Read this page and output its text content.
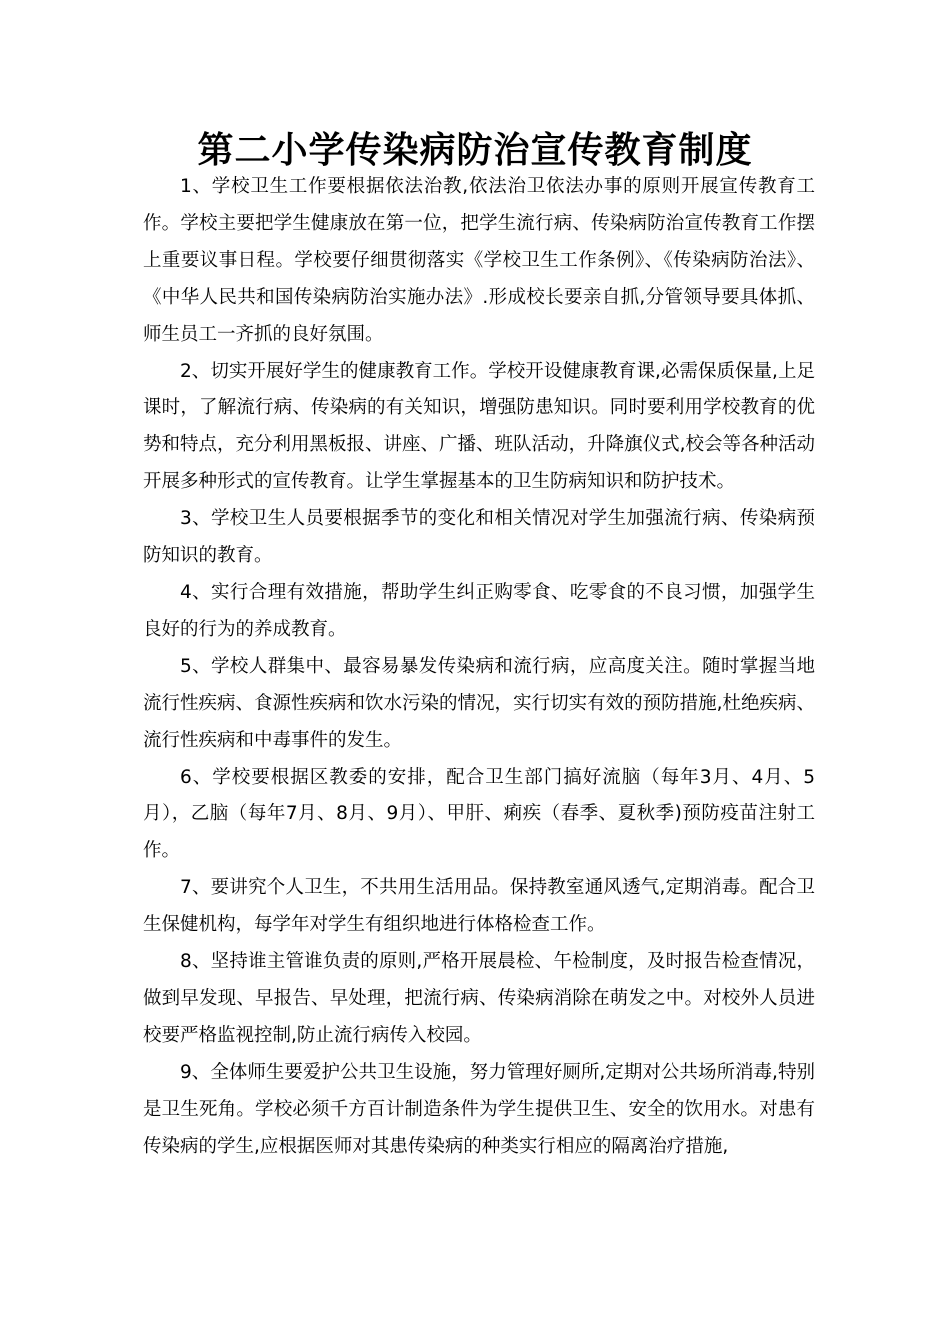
第二小学传染病防治宣传教育制度

1、学校卫生工作要根据依法治教,依法治卫依法办事的原则开展宣传教育工作。学校主要把学生健康放在第一位，把学生流行病、传染病防治宣传教育工作摆上重要议事日程。学校要仔细贯彻落实《学校卫生工作条例》、《传染病防治法》、《中华人民共和国传染病防治实施办法》.形成校长要亲自抓,分管领导要具体抓、师生员工一齐抓的良好氛围。

2、切实开展好学生的健康教育工作。学校开设健康教育课,必需保质保量,上足课时，了解流行病、传染病的有关知识，增强防患知识。同时要利用学校教育的优势和特点，充分利用黑板报、讲座、广播、班队活动，升降旗仪式,校会等各种活动开展多种形式的宣传教育。让学生掌握基本的卫生防病知识和防护技术。

3、学校卫生人员要根据季节的变化和相关情况对学生加强流行病、传染病预防知识的教育。

4、实行合理有效措施，帮助学生纠正购零食、吃零食的不良习惯，加强学生良好的行为的养成教育。

5、学校人群集中、最容易暴发传染病和流行病，应高度关注。随时掌握当地流行性疾病、食源性疾病和饮水污染的情况，实行切实有效的预防措施,杜绝疾病、流行性疾病和中毒事件的发生。

6、学校要根据区教委的安排，配合卫生部门搞好流脑（每年3月、4月、5月），乙脑（每年7月、8月、9月）、甲肝、痢疾（春季、夏秋季)预防疫苗注射工作。

7、要讲究个人卫生，不共用生活用品。保持教室通风透气,定期消毒。配合卫生保健机构，每学年对学生有组织地进行体格检查工作。

8、坚持谁主管谁负责的原则,严格开展晨检、午检制度，及时报告检查情况，做到早发现、早报告、早处理，把流行病、传染病消除在萌发之中。对校外人员进校要严格监视控制,防止流行病传入校园。

9、全体师生要爱护公共卫生设施，努力管理好厕所,定期对公共场所消毒,特别是卫生死角。学校必须千方百计制造条件为学生提供卫生、安全的饮用水。对患有传染病的学生,应根据医师对其患传染病的种类实行相应的隔离治疗措施,
